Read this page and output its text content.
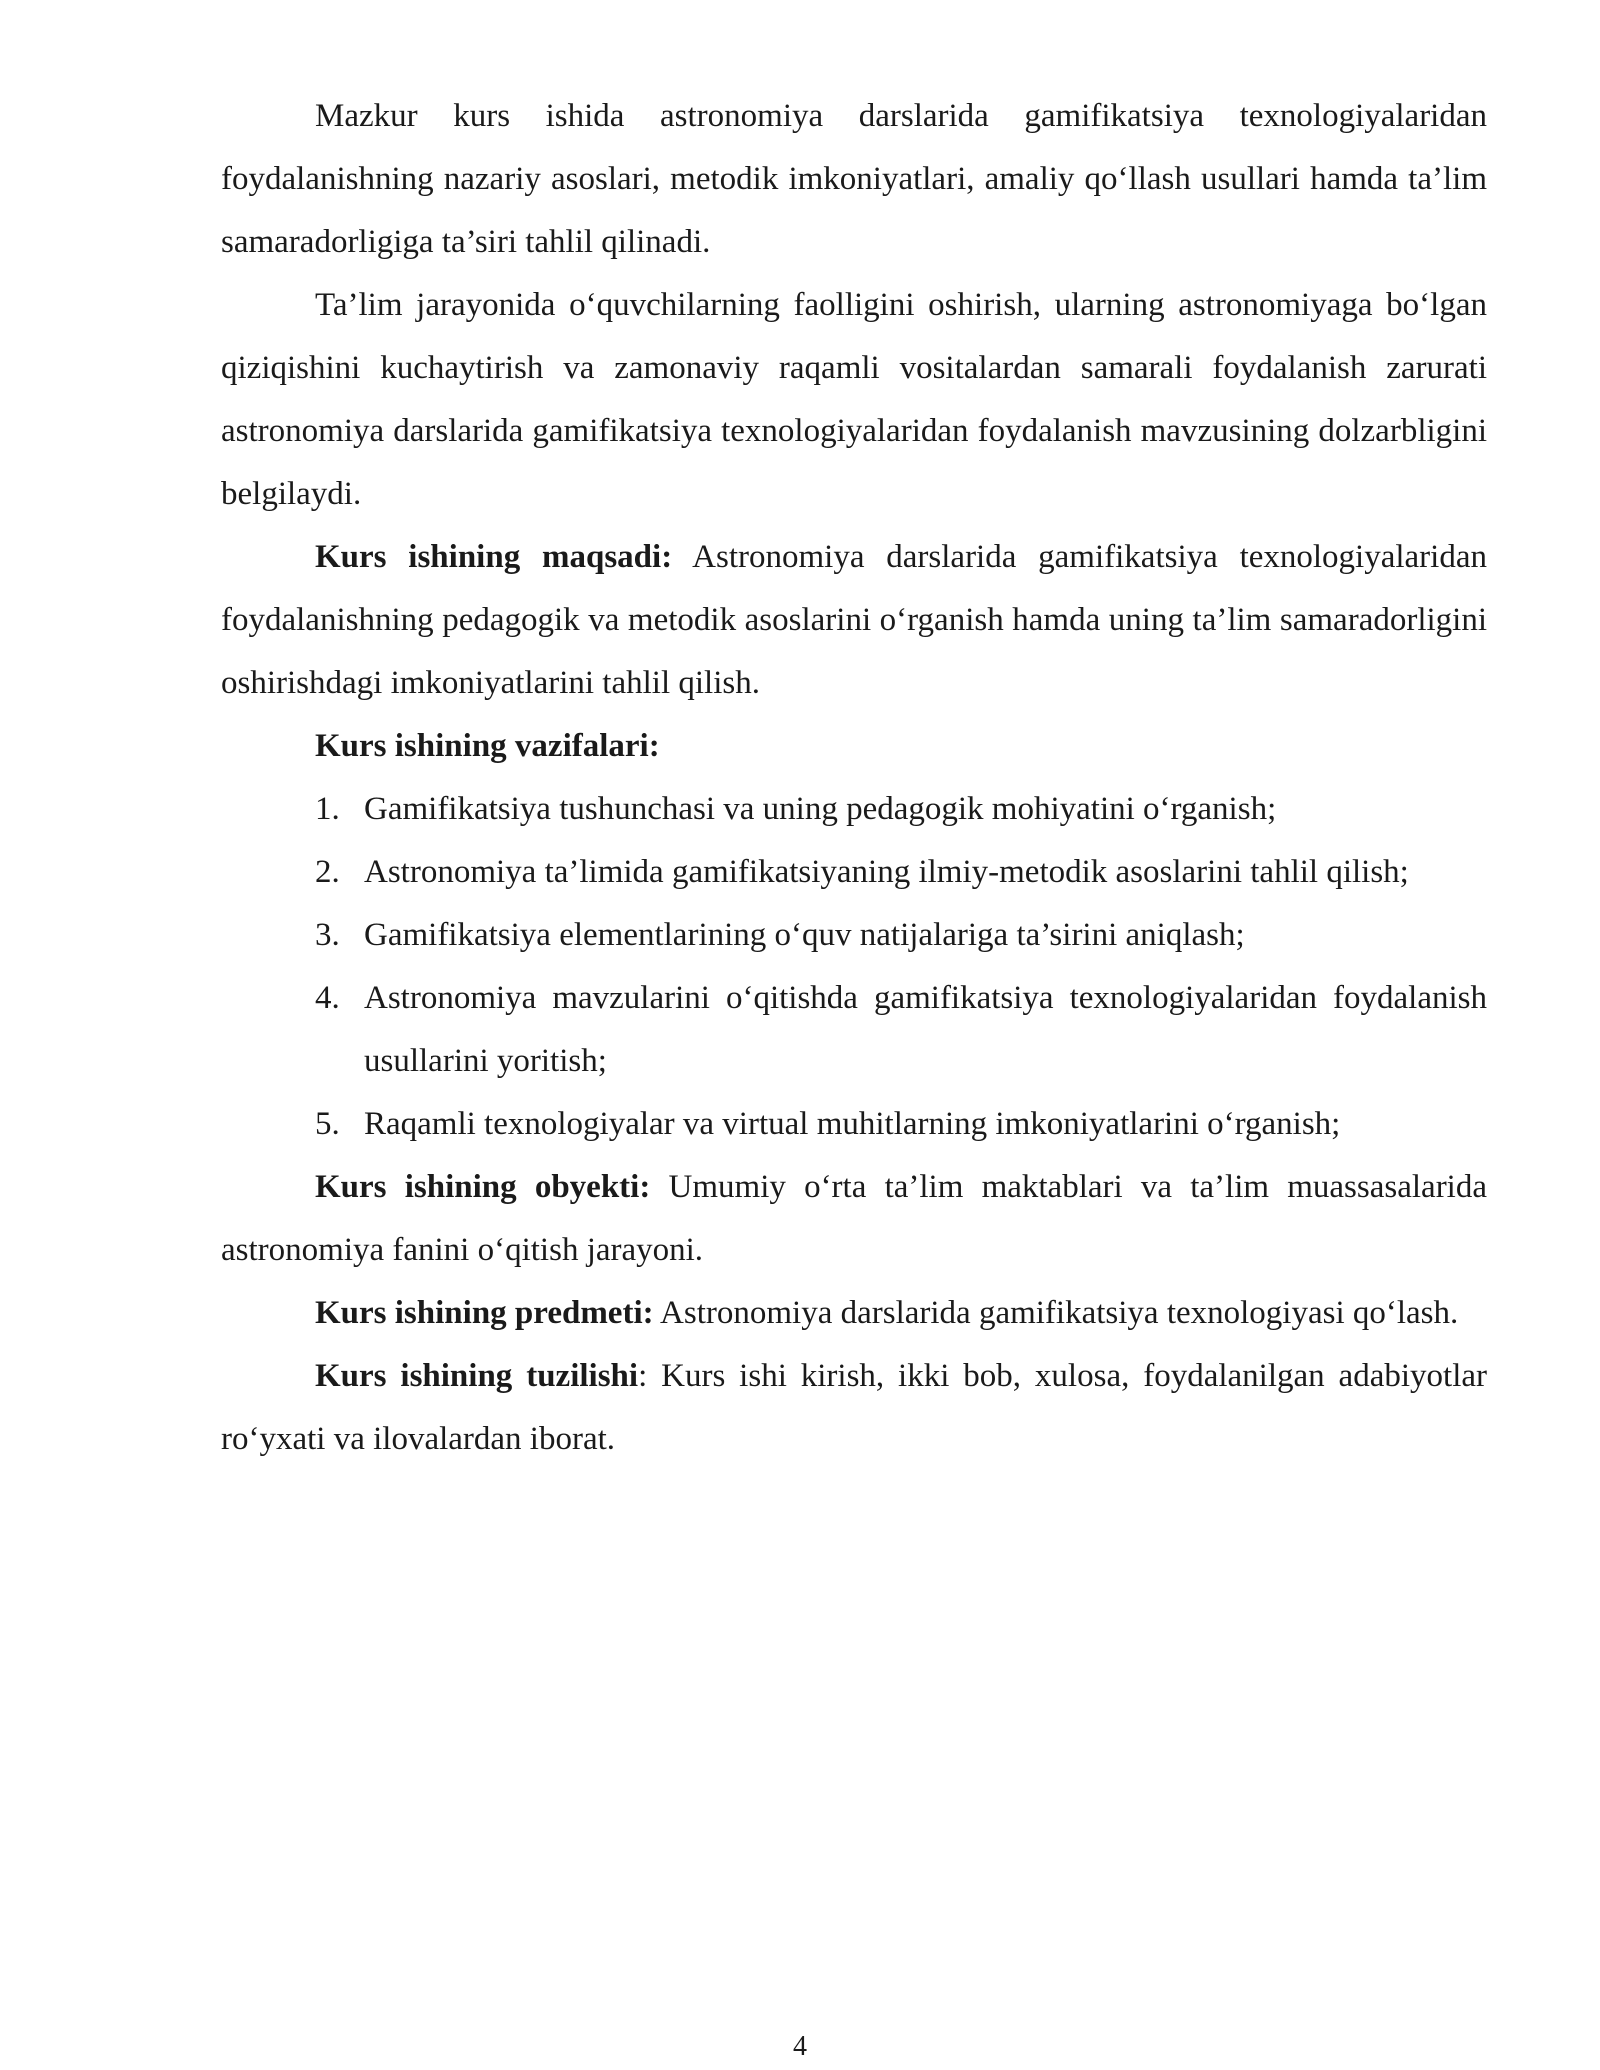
Mazkur kurs ishida astronomiya darslarida gamifikatsiya texnologiyalaridan foydalanishning nazariy asoslari, metodik imkoniyatlari, amaliy qo‘llash usullari hamda ta’lim samaradorligiga ta’siri tahlil qilinadi.

Ta’lim jarayonida o‘quvchilarning faolligini oshirish, ularning astronomiyaga bo‘lgan qiziqishini kuchaytirish va zamonaviy raqamli vositalardan samarali foydalanish zarurati astronomiya darslarida gamifikatsiya texnologiyalaridan foydalanish mavzusining dolzarbligini belgilaydi.

Kurs ishining maqsadi: Astronomiya darslarida gamifikatsiya texnologiyalaridan foydalanishning pedagogik va metodik asoslarini o‘rganish hamda uning ta’lim samaradorligini oshirishdagi imkoniyatlarini tahlil qilish.

Kurs ishining vazifalari:

1. Gamifikatsiya tushunchasi va uning pedagogik mohiyatini o‘rganish;
2. Astronomiya ta’limida gamifikatsiyaning ilmiy-metodik asoslarini tahlil qilish;
3. Gamifikatsiya elementlarining o‘quv natijalariga ta’sirini aniqlash;
4. Astronomiya mavzularini o‘qitishda gamifikatsiya texnologiyalaridan foydalanish usullarini yoritish;
5. Raqamli texnologiyalar va virtual muhitlarning imkoniyatlarini o‘rganish;

Kurs ishining obyekti: Umumiy o‘rta ta’lim maktablari va ta’lim muassasalarida astronomiya fanini o‘qitish jarayoni.

Kurs ishining predmeti: Astronomiya darslarida gamifikatsiya texnologiyasi qo‘lash.

Kurs ishining tuzilishi: Kurs ishi kirish, ikki bob, xulosa, foydalanilgan adabiyotlar ro‘yxati va ilovalardan iborat.

4
